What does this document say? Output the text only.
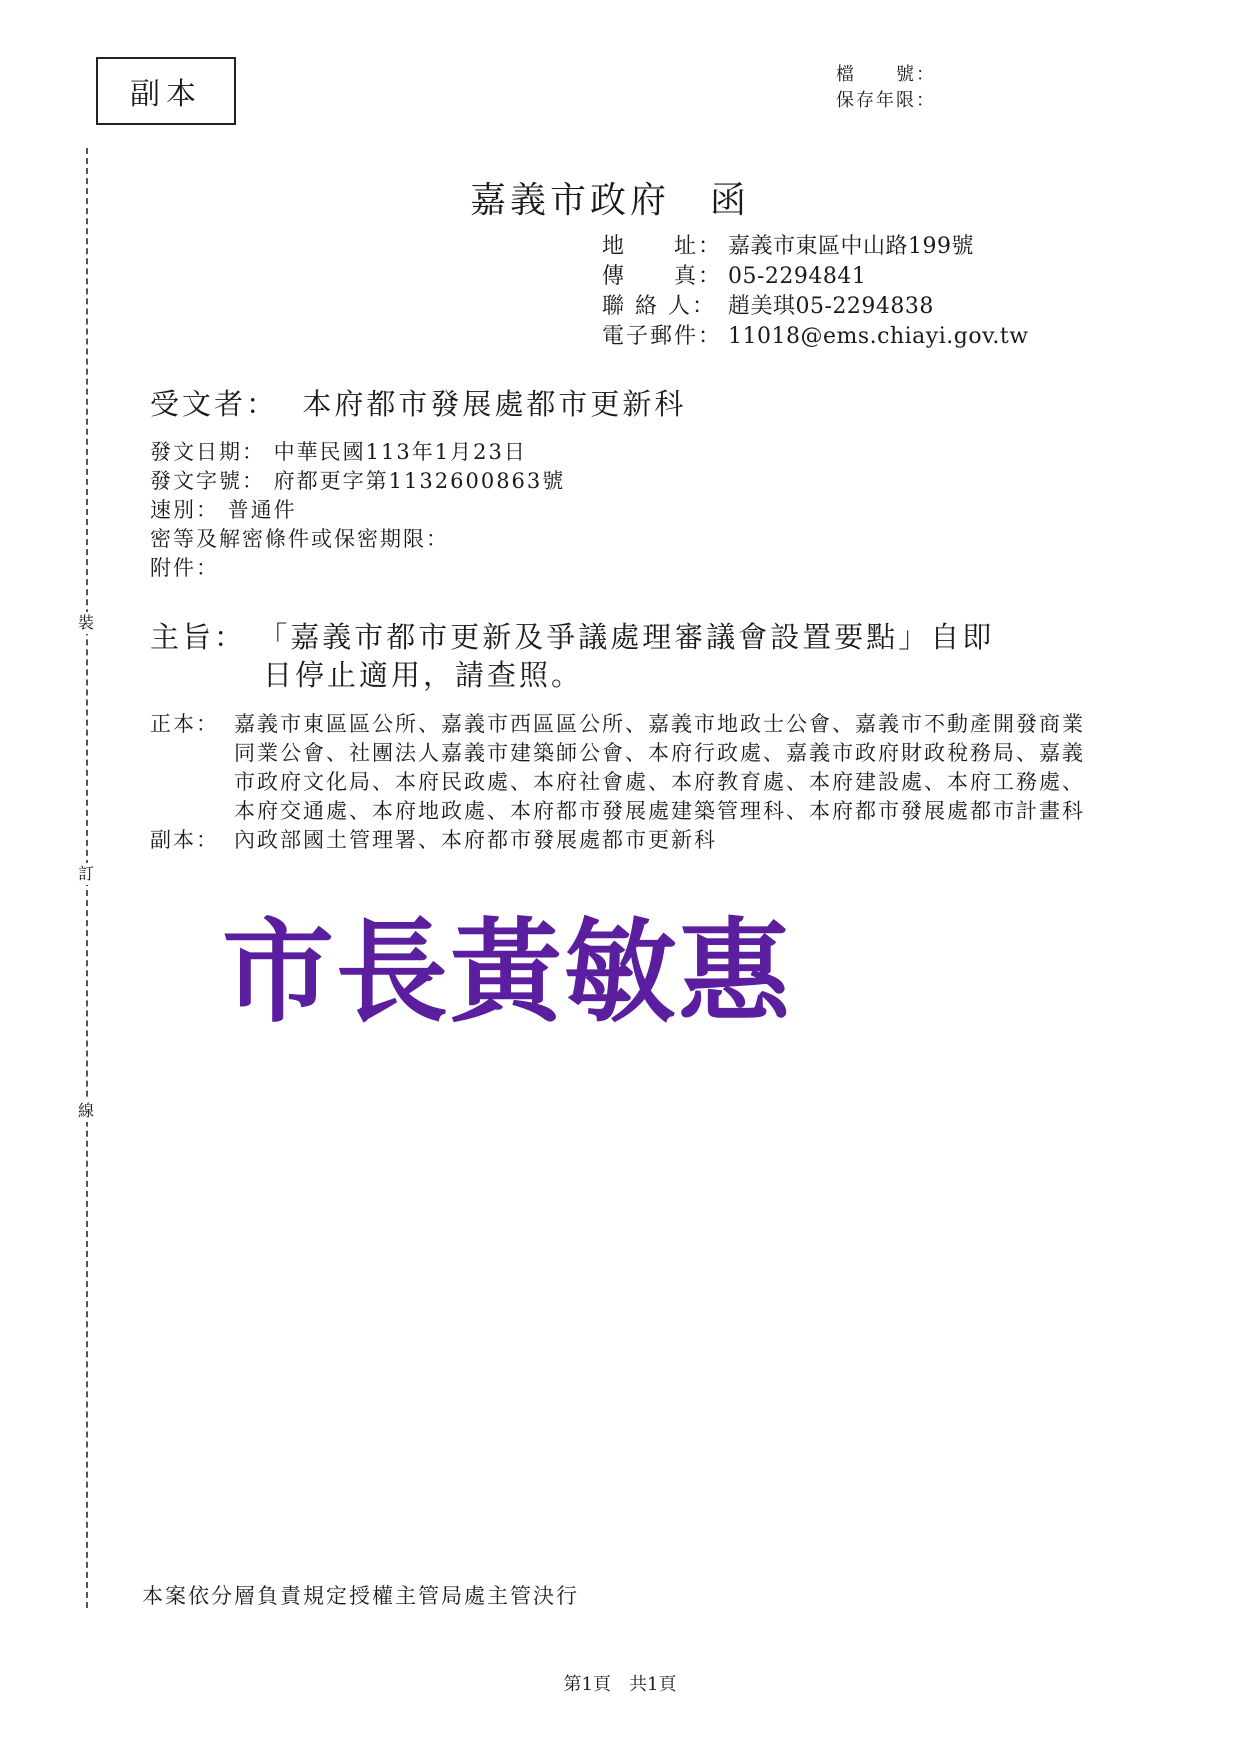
副本
檔　　號：
保存年限：
裝
訂
線
嘉義市政府　函
地　　址： 嘉義市東區中山路199號
傳　　真： 05-2294841
聯 絡 人： 趙美琪05-2294838
電子郵件： 11018@ems.chiayi.gov.tw
受文者：  本府都市發展處都市更新科
發文日期： 中華民國113年1月23日
發文字號： 府都更字第1132600863號
速別： 普通件
密等及解密條件或保密期限：
附件：
主旨： 「嘉義市都市更新及爭議處理審議會設置要點」自即
日停止適用，請查照。
正本： 嘉義市東區區公所、嘉義市西區區公所、嘉義市地政士公會、嘉義市不動產開發商業同業公會、社團法人嘉義市建築師公會、本府行政處、嘉義市政府財政稅務局、嘉義市政府文化局、本府民政處、本府社會處、本府教育處、本府建設處、本府工務處、本府交通處、本府地政處、本府都市發展處建築管理科、本府都市發展處都市計畫科
副本： 內政部國土管理署、本府都市發展處都市更新科
市長黃敏惠
本案依分層負責規定授權主管局處主管決行
第1頁　共1頁
